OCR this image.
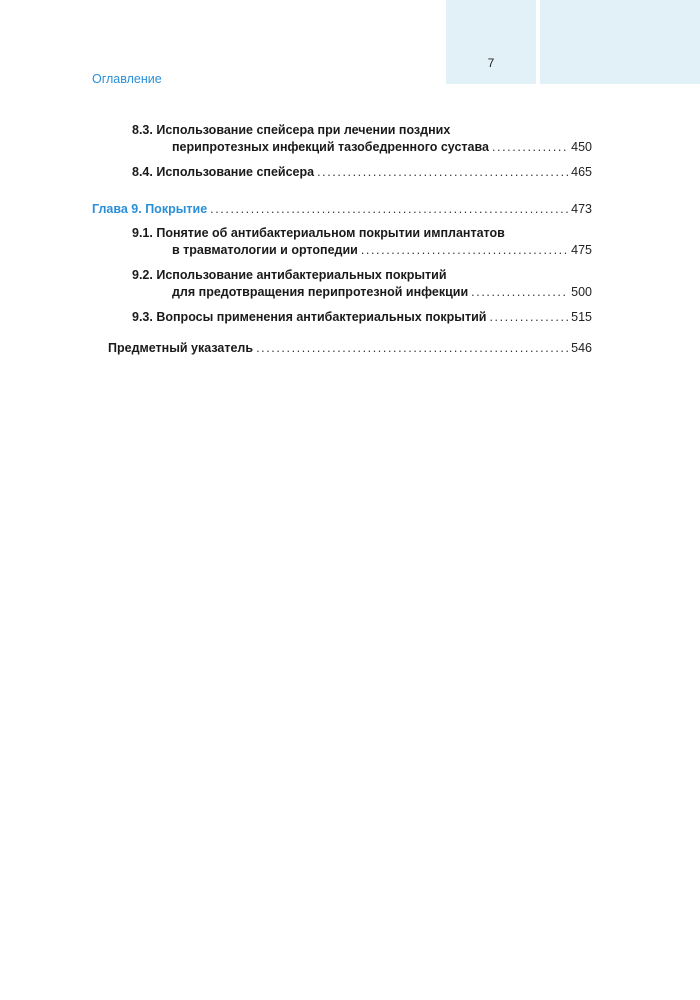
7
Оглавление
8.3.
Использование спейсера при лечении поздних
перипротезных инфекций тазобедренного сустава .....	450
8.4.
Использование спейсера .....	465
Глава 9. Покрытие .....	473
9.1.
Понятие об антибактериальном покрытии имплантатов
в травматологии и ортопедии .....	475
9.2.
Использование антибактериальных покрытий
для предотвращения перипротезной инфекции .....	500
9.3.
Вопросы применения антибактериальных покрытий .....	515
Предметный указатель .....	546
